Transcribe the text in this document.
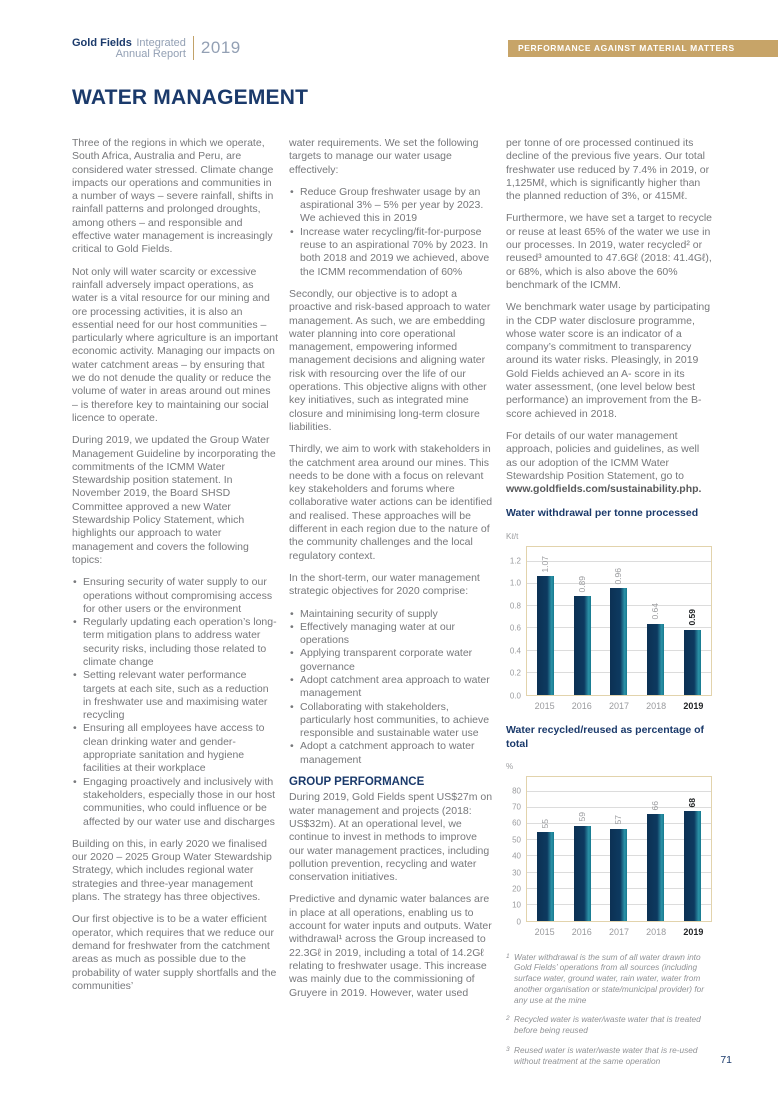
Gold Fields Integrated
Annual Report 2019	PERFORMANCE AGAINST MATERIAL MATTERS
WATER MANAGEMENT

Three of the regions in which we operate, South Africa, Australia and Peru, are considered water stressed. Climate change impacts our operations and communities in a number of ways – severe rainfall, shifts in rainfall patterns and prolonged droughts, among others – and responsible and effective water management is increasingly critical to Gold Fields.

Not only will water scarcity or excessive rainfall adversely impact operations, as water is a vital resource for our mining and ore processing activities, it is also an essential need for our host communities – particularly where agriculture is an important economic activity. Managing our impacts on water catchment areas – by ensuring that we do not denude the quality or reduce the volume of water in areas around out mines – is therefore key to maintaining our social licence to operate.

During 2019, we updated the Group Water Management Guideline by incorporating the commitments of the ICMM Water Stewardship position statement. In November 2019, the Board SHSD Committee approved a new Water Stewardship Policy Statement, which highlights our approach to water management and covers the following topics:

• Ensuring security of water supply to our operations without compromising access for other users or the environment
• Regularly updating each operation’s long-term mitigation plans to address water security risks, including those related to climate change
• Setting relevant water performance targets at each site, such as a reduction in freshwater use and maximising water recycling
• Ensuring all employees have access to clean drinking water and gender-appropriate sanitation and hygiene facilities at their workplace
• Engaging proactively and inclusively with stakeholders, especially those in our host communities, who could influence or be affected by our water use and discharges

Building on this, in early 2020 we finalised our 2020 – 2025 Group Water Stewardship Strategy, which includes regional water strategies and three-year management plans. The strategy has three objectives.

Our first objective is to be a water efficient operator, which requires that we reduce our demand for freshwater from the catchment areas as much as possible due to the probability of water supply shortfalls and the communities’

water requirements. We set the following targets to manage our water usage effectively:

• Reduce Group freshwater usage by an aspirational 3% – 5% per year by 2023. We achieved this in 2019
• Increase water recycling/fit-for-purpose reuse to an aspirational 70% by 2023. In both 2018 and 2019 we achieved, above the ICMM recommendation of 60%

Secondly, our objective is to adopt a proactive and risk-based approach to water management. As such, we are embedding water planning into core operational management, empowering informed management decisions and aligning water risk with resourcing over the life of our operations. This objective aligns with other key initiatives, such as integrated mine closure and minimising long-term closure liabilities.

Thirdly, we aim to work with stakeholders in the catchment area around our mines. This needs to be done with a focus on relevant key stakeholders and forums where collaborative water actions can be identified and realised. These approaches will be different in each region due to the nature of the community challenges and the local regulatory context.

In the short-term, our water management strategic objectives for 2020 comprise:

• Maintaining security of supply
• Effectively managing water at our operations
• Applying transparent corporate water governance
• Adopt catchment area approach to water management
• Collaborating with stakeholders, particularly host communities, to achieve responsible and sustainable water use
• Adopt a catchment approach to water management
GROUP PERFORMANCE

During 2019, Gold Fields spent US$27m on water management and projects (2018: US$32m). At an operational level, we continue to invest in methods to improve our water management practices, including pollution prevention, recycling and water conservation initiatives.

Predictive and dynamic water balances are in place at all operations, enabling us to account for water inputs and outputs. Water withdrawal¹ across the Group increased to 22.3Gℓ in 2019, including a total of 14.2Gℓ relating to freshwater usage. This increase was mainly due to the commissioning of Gruyere in 2019. However, water used

per tonne of ore processed continued its decline of the previous five years. Our total freshwater use reduced by 7.4% in 2019, or 1,125Mℓ, which is significantly higher than the planned reduction of 3%, or 415Mℓ.

Furthermore, we have set a target to recycle or reuse at least 65% of the water we use in our processes. In 2019, water recycled² or reused³ amounted to 47.6Gℓ (2018: 41.4Gℓ), or 68%, which is also above the 60% benchmark of the ICMM.

We benchmark water usage by participating in the CDP water disclosure programme, whose water score is an indicator of a company’s commitment to transparency around its water risks. Pleasingly, in 2019 Gold Fields achieved an A- score in its water assessment, (one level below best performance) an improvement from the B- score achieved in 2018.

For details of our water management approach, policies and guidelines, as well as our adoption of the ICMM Water Stewardship Position Statement, go to www.goldfields.com/sustainability.php.

Water withdrawal per tonne processed
Kℓ/t
0.0
0.2
0.4
0.6
0.8
1.0
1.2 1.07
0.89	0.96
0.64	0.59
2015	2016	2017	2018	2019
Water recycled/reused as percentage of total
%
0
10
20
30
40
50
60
70
80
55
59	57
66	68
2015	2016	2017	2018	2019

1 Water withdrawal is the sum of all water drawn into Gold Fields’ operations from all sources (including surface water, ground water, rain water, water from another organisation or state/municipal provider) for any use at the mine

2 Recycled water is water/waste water that is treated before being reused

3 Reused water is water/waste water that is re-used without treatment at the same operation	71
